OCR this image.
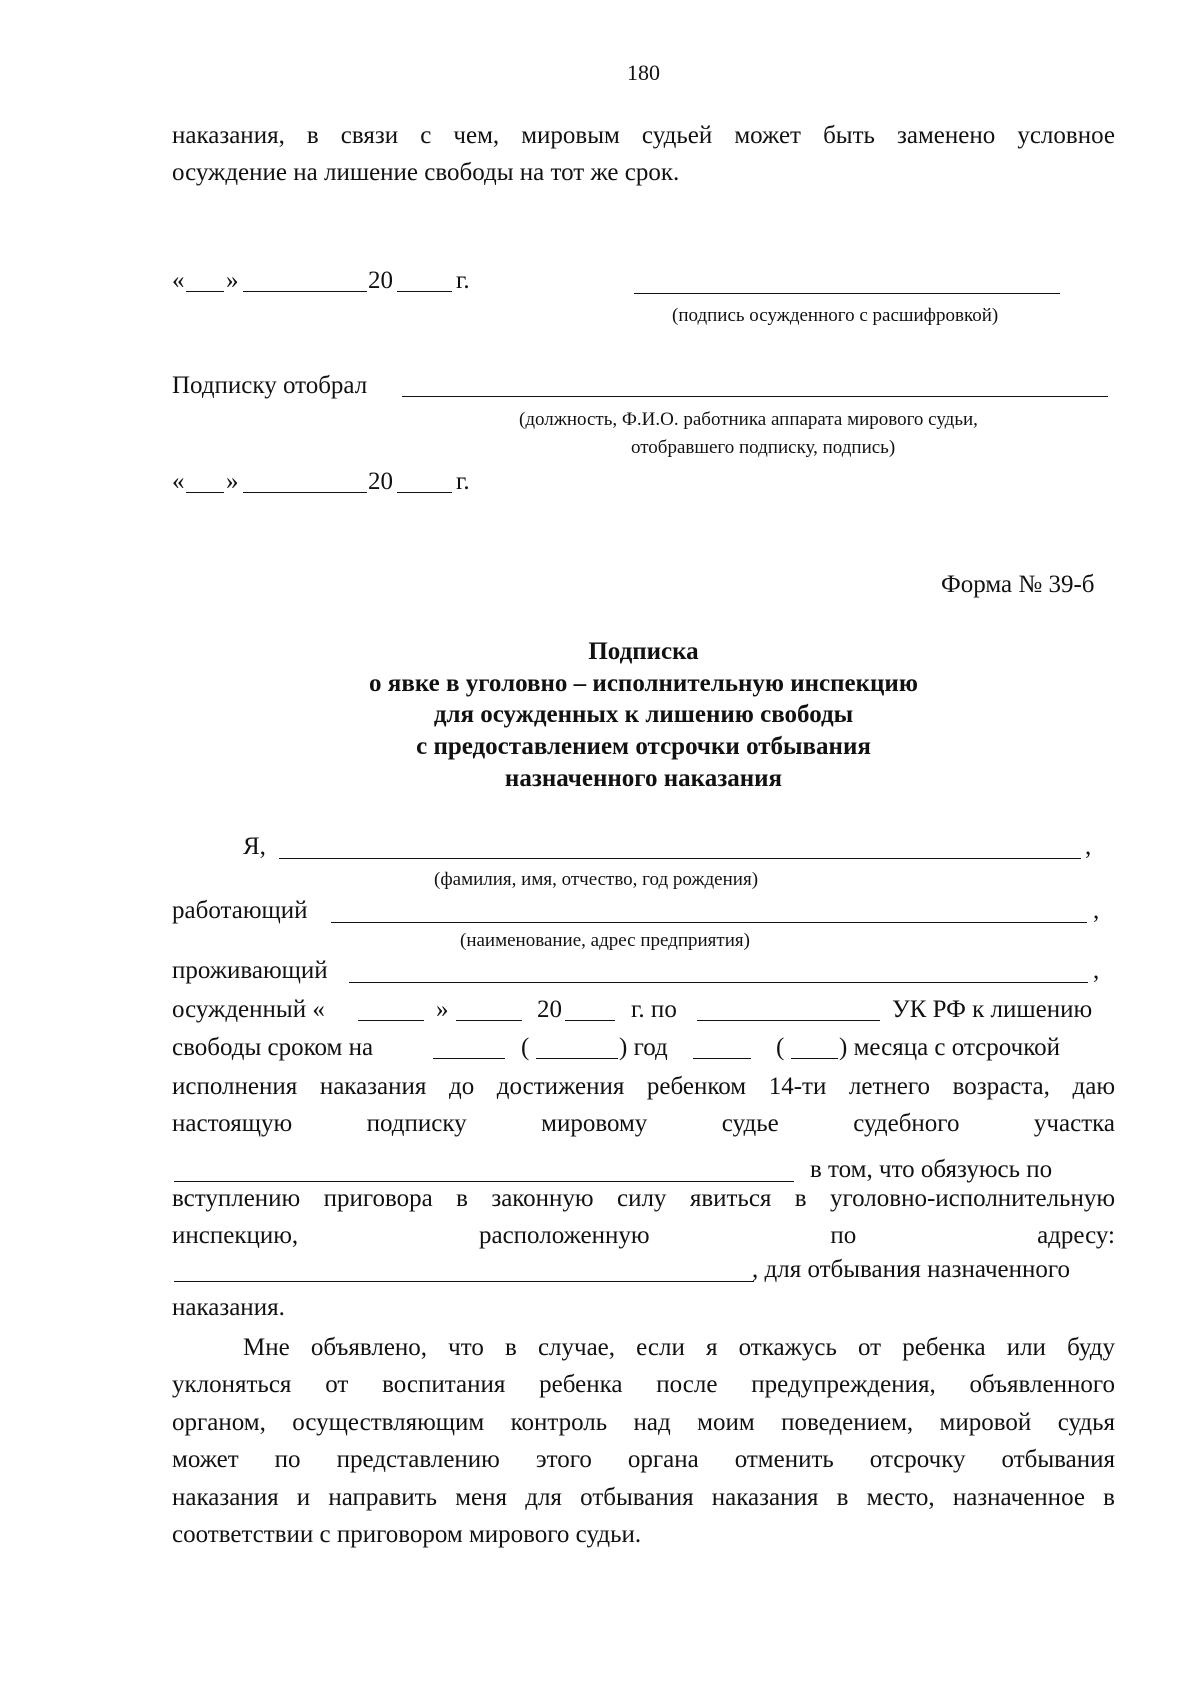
180
наказания, в связи с чем, мировым судьей может быть заменено условное
осуждение на лишение свободы на тот же срок.
« »	20	г.
(подпись осужденного с расшифровкой)
Подписку отобрал
(должность, Ф.И.О. работника аппарата мирового судьи,
отобравшего подписку, подпись)
« »	20	г.
Форма № 39-б
Подписка
о явке в уголовно – исполнительную инспекцию
для осужденных к лишению свободы
с предоставлением отсрочки отбывания
назначенного наказания
Я,	,
(фамилия, имя, отчество, год рождения)
работающий	,
(наименование, адрес предприятия)
проживающий	,
осужденный «	»	20	г. по	УК РФ к лишению
свободы сроком на	(	) год	( ) месяца с отсрочкой
исполнения наказания до достижения ребенком 14-ти летнего возраста, даю
настоящую подписку мировому судье судебного участка
в том, что обязуюсь по
вступлению приговора в законную силу явиться в уголовно-исполнительную
инспекцию, расположенную по адресу:
, для отбывания назначенного
наказания.
Мне объявлено, что в случае, если я откажусь от ребенка или буду
уклоняться от воспитания ребенка после предупреждения, объявленного
органом, осуществляющим контроль над моим поведением, мировой судья
может по представлению этого органа отменить отсрочку отбывания
наказания и направить меня для отбывания наказания в место, назначенное в
соответствии с приговором мирового судьи.
